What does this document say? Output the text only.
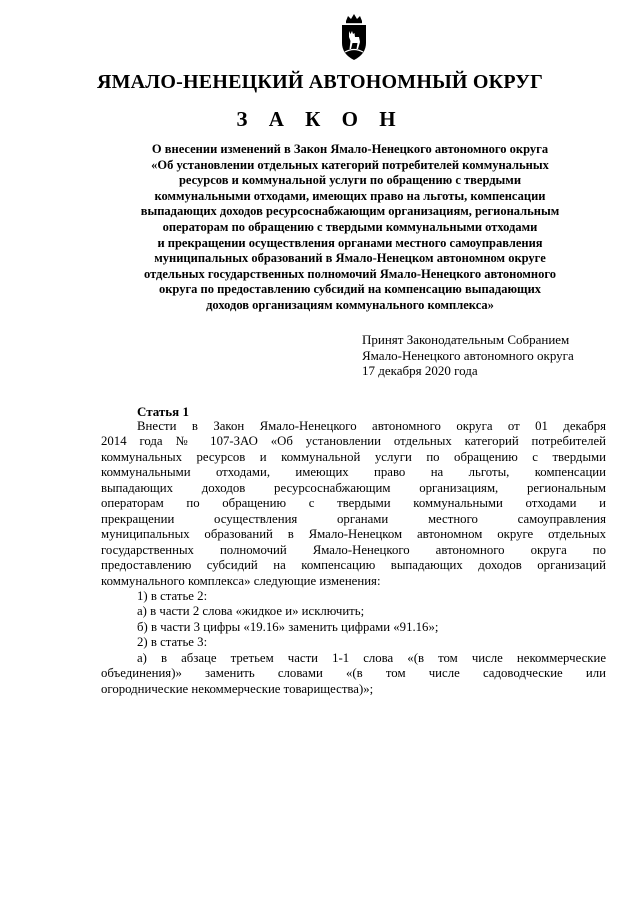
ЯМАЛО-НЕНЕЦКИЙ АВТОНОМНЫЙ ОКРУГ
З А К О Н
О внесении изменений в Закон Ямало-Ненецкого автономного округа
«Об установлении отдельных категорий потребителей коммунальных
ресурсов и коммунальной услуги по обращению с твердыми
коммунальными отходами, имеющих право на льготы, компенсации
выпадающих доходов ресурсоснабжающим организациям, региональным
операторам по обращению с твердыми коммунальными отходами
и прекращении осуществления органами местного самоуправления
муниципальных образований в Ямало-Ненецком автономном округе
отдельных государственных полномочий Ямало-Ненецкого автономного
округа по предоставлению субсидий на компенсацию выпадающих
доходов организациям коммунального комплекса»
Принят Законодательным Собранием
Ямало-Ненецкого автономного округа
17 декабря 2020 года
Статья 1
Внести в Закон Ямало-Ненецкого автономного округа от 01 декабря
2014 года № 107-ЗАО «Об установлении отдельных категорий потребителей
коммунальных ресурсов и коммунальной услуги по обращению с твердыми
коммунальными отходами, имеющих право на льготы, компенсации
выпадающих доходов ресурсоснабжающим организациям, региональным
операторам по обращению с твердыми коммунальными отходами и
прекращении осуществления органами местного самоуправления
муниципальных образований в Ямало-Ненецком автономном округе отдельных
государственных полномочий Ямало-Ненецкого автономного округа по
предоставлению субсидий на компенсацию выпадающих доходов организаций
коммунального комплекса» следующие изменения:

1) в статье 2:

а) в части 2 слова «жидкое и» исключить;

б) в части 3 цифры «19.16» заменить цифрами «91.16»;

2) в статье 3:

а) в абзаце третьем части 1-1 слова «(в том числе некоммерческие
объединения)» заменить словами «(в том числе садоводческие или
огороднические некоммерческие товарищества)»;
